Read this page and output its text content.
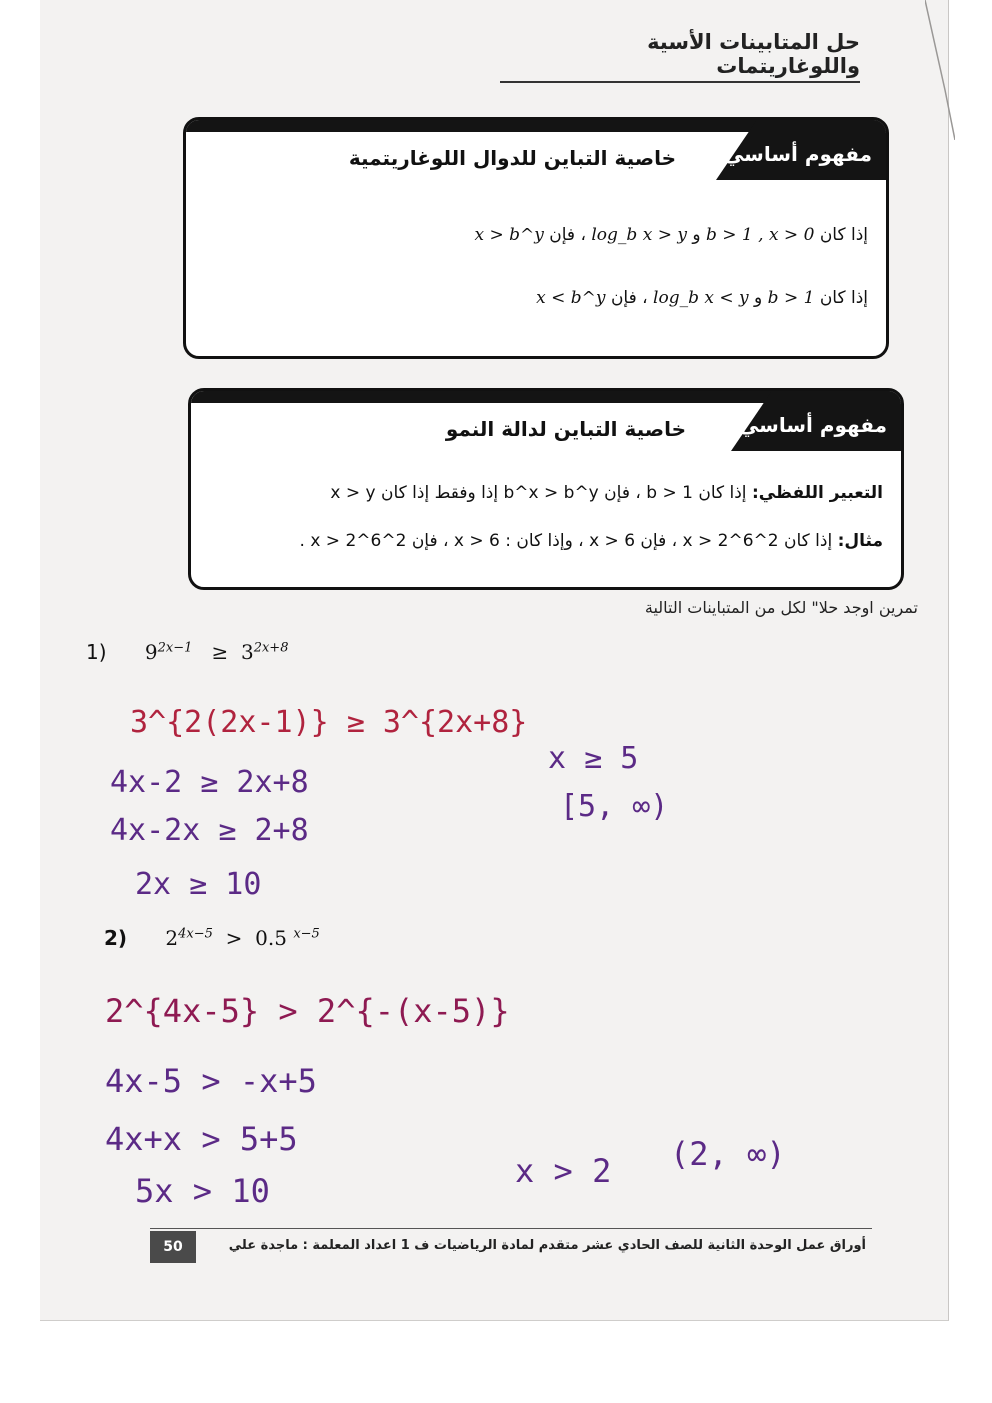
حل المتابينات الأسية واللوغاريتمات
مفهوم أساسي
خاصية التباين للدوال اللوغاريتمية
إذا كان b > 1 , x > 0 و log_b x > y ، فإن x > b^y
إذا كان b > 1 و log_b x < y ، فإن x < b^y
مفهوم أساسي
خاصية التباين لدالة النمو
التعبير اللفظي: إذا كان 1 < b ، فإن b^x > b^y إذا وفقط إذا كان x > y
مثال: إذا كان 2^x > 2^6 ، فإن x > 6 ، وإذا كان : x > 6 ، فإن 2^x > 2^6 .
تمرين اوجد حلا" لكل من المتباينات التالية
1) $9^{2x-1} \ge 3^{2x+8}$
3^{2(2x-1)} ≥ 3^{2x+8}
4x-2 ≥ 2x+8
4x-2x ≥ 2+8
2x ≥ 10
x ≥ 5
[5, ∞)
2) $2^{4x-5} > 0.5$ $^{x-5}$
2^{4x-5} > 2^{-(x-5)}
4x-5 > -x+5
4x+x > 5+5
5x > 10
x > 2 (2, ∞)
50	أوراق عمل الوحدة الثانية للصف الحادي عشر متقدم لمادة الرياضيات ف 1 اعداد المعلمة : ماجدة علي
